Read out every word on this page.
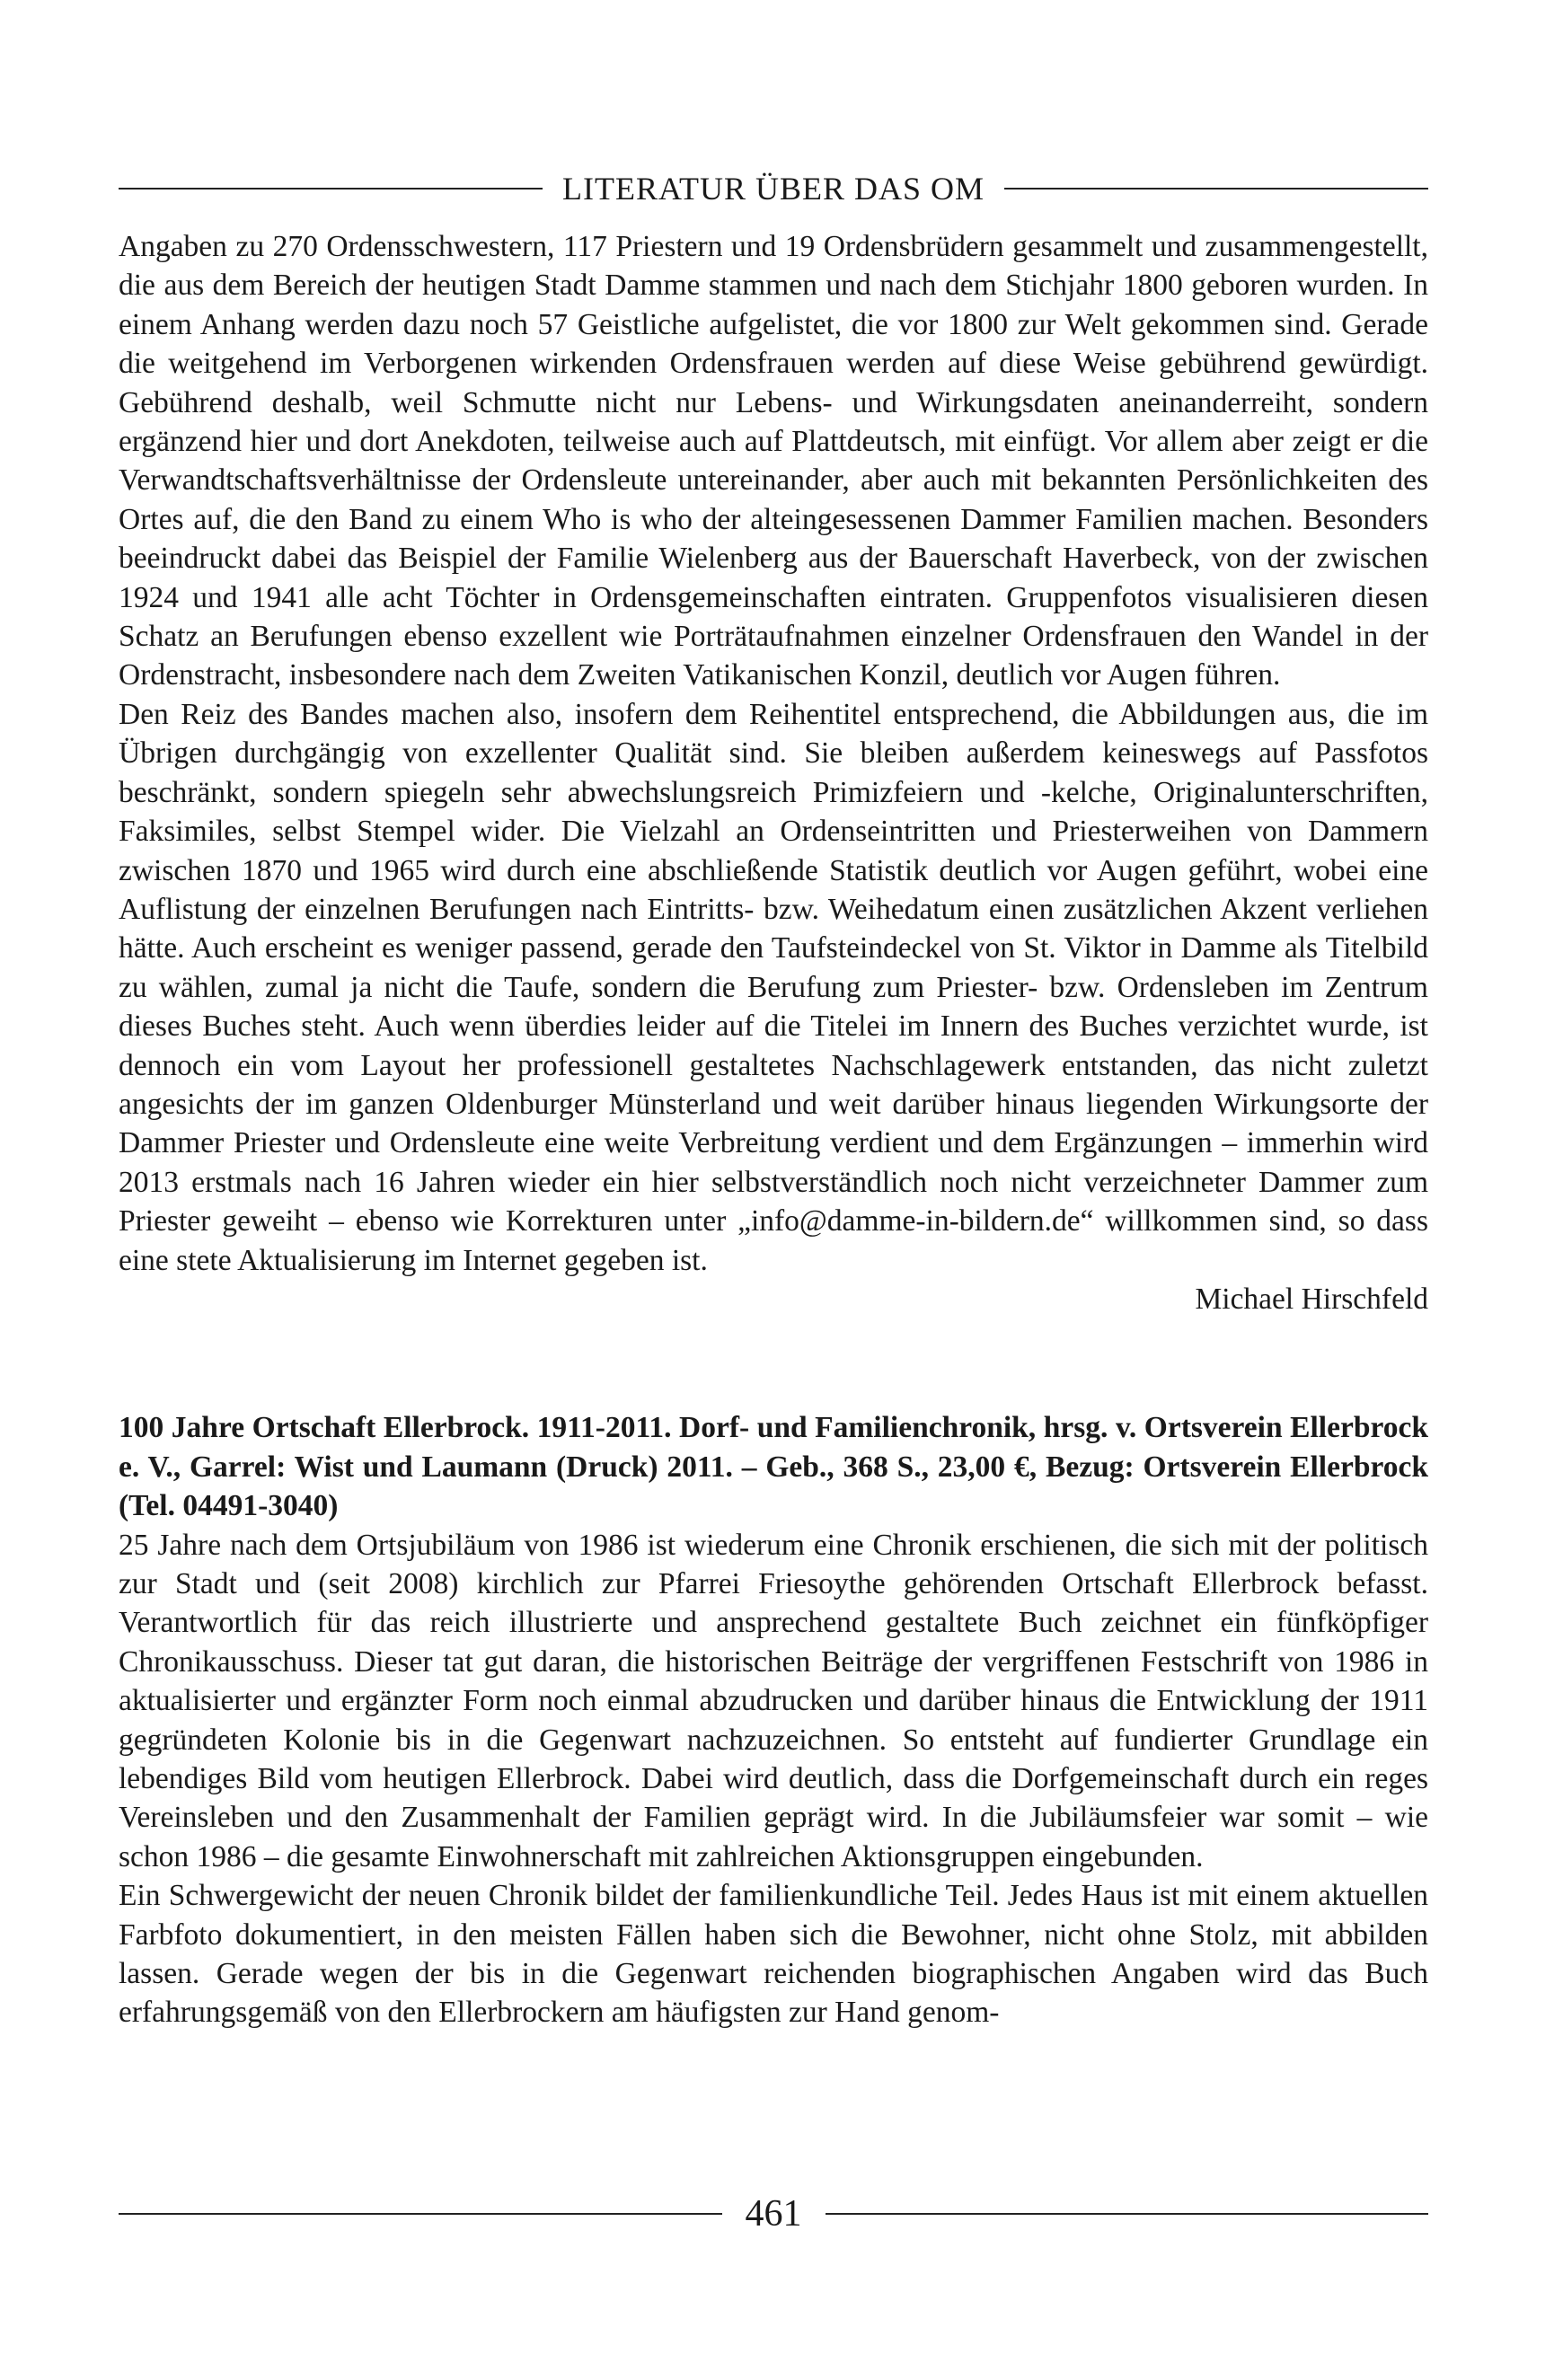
LITERATUR ÜBER DAS OM

Angaben zu 270 Ordensschwestern, 117 Priestern und 19 Ordensbrüdern gesammelt und zusammengestellt, die aus dem Bereich der heutigen Stadt Damme stammen und nach dem Stichjahr 1800 geboren wurden. In einem Anhang werden dazu noch 57 Geistliche aufgelistet, die vor 1800 zur Welt gekommen sind. Gerade die weitgehend im Verborgenen wirkenden Ordensfrauen werden auf diese Weise gebührend gewürdigt. Gebührend deshalb, weil Schmutte nicht nur Lebens- und Wirkungsdaten aneinanderreiht, sondern ergänzend hier und dort Anekdoten, teilweise auch auf Plattdeutsch, mit einfügt. Vor allem aber zeigt er die Verwandtschaftsverhältnisse der Ordensleute untereinander, aber auch mit bekannten Persönlichkeiten des Ortes auf, die den Band zu einem Who is who der alteingesessenen Dammer Familien machen. Besonders beeindruckt dabei das Beispiel der Familie Wielenberg aus der Bauerschaft Haverbeck, von der zwischen 1924 und 1941 alle acht Töchter in Ordensgemeinschaften eintraten. Gruppenfotos visualisieren diesen Schatz an Berufungen ebenso exzellent wie Porträtaufnahmen einzelner Ordensfrauen den Wandel in der Ordenstracht, insbesondere nach dem Zweiten Vatikanischen Konzil, deutlich vor Augen führen.

Den Reiz des Bandes machen also, insofern dem Reihentitel entsprechend, die Abbildungen aus, die im Übrigen durchgängig von exzellenter Qualität sind. Sie bleiben außerdem keineswegs auf Passfotos beschränkt, sondern spiegeln sehr abwechslungsreich Primizfeiern und -kelche, Originalunterschriften, Faksimiles, selbst Stempel wider. Die Vielzahl an Ordenseintritten und Priesterweihen von Dammern zwischen 1870 und 1965 wird durch eine abschließende Statistik deutlich vor Augen geführt, wobei eine Auflistung der einzelnen Berufungen nach Eintritts- bzw. Weihedatum einen zusätzlichen Akzent verliehen hätte. Auch erscheint es weniger passend, gerade den Taufsteindeckel von St. Viktor in Damme als Titelbild zu wählen, zumal ja nicht die Taufe, sondern die Berufung zum Priester- bzw. Ordensleben im Zentrum dieses Buches steht. Auch wenn überdies leider auf die Titelei im Innern des Buches verzichtet wurde, ist dennoch ein vom Layout her professionell gestaltetes Nachschlagewerk entstanden, das nicht zuletzt angesichts der im ganzen Oldenburger Münsterland und weit darüber hinaus liegenden Wirkungsorte der Dammer Priester und Ordensleute eine weite Verbreitung verdient und dem Ergänzungen – immerhin wird 2013 erstmals nach 16 Jahren wieder ein hier selbstverständlich noch nicht verzeichneter Dammer zum Priester geweiht – ebenso wie Korrekturen unter „info@damme-in-bildern.de“ willkommen sind, so dass eine stete Aktualisierung im Internet gegeben ist.

Michael Hirschfeld

100 Jahre Ortschaft Ellerbrock. 1911-2011. Dorf- und Familienchronik, hrsg. v. Ortsverein Ellerbrock e. V., Garrel: Wist und Laumann (Druck) 2011. – Geb., 368 S., 23,00 €, Bezug: Ortsverein Ellerbrock (Tel. 04491-3040)

25 Jahre nach dem Ortsjubiläum von 1986 ist wiederum eine Chronik erschienen, die sich mit der politisch zur Stadt und (seit 2008) kirchlich zur Pfarrei Friesoythe gehörenden Ortschaft Ellerbrock befasst. Verantwortlich für das reich illustrierte und ansprechend gestaltete Buch zeichnet ein fünfköpfiger Chronikausschuss. Dieser tat gut daran, die historischen Beiträge der vergriffenen Festschrift von 1986 in aktualisierter und ergänzter Form noch einmal abzudrucken und darüber hinaus die Entwicklung der 1911 gegründeten Kolonie bis in die Gegenwart nachzuzeichnen. So entsteht auf fundierter Grundlage ein lebendiges Bild vom heutigen Ellerbrock. Dabei wird deutlich, dass die Dorfgemeinschaft durch ein reges Vereinsleben und den Zusammenhalt der Familien geprägt wird. In die Jubiläumsfeier war somit – wie schon 1986 – die gesamte Einwohnerschaft mit zahlreichen Aktionsgruppen eingebunden.

Ein Schwergewicht der neuen Chronik bildet der familienkundliche Teil. Jedes Haus ist mit einem aktuellen Farbfoto dokumentiert, in den meisten Fällen haben sich die Bewohner, nicht ohne Stolz, mit abbilden lassen. Gerade wegen der bis in die Gegenwart reichenden biographischen Angaben wird das Buch erfahrungsgemäß von den Ellerbrockern am häufigsten zur Hand genom-

461
